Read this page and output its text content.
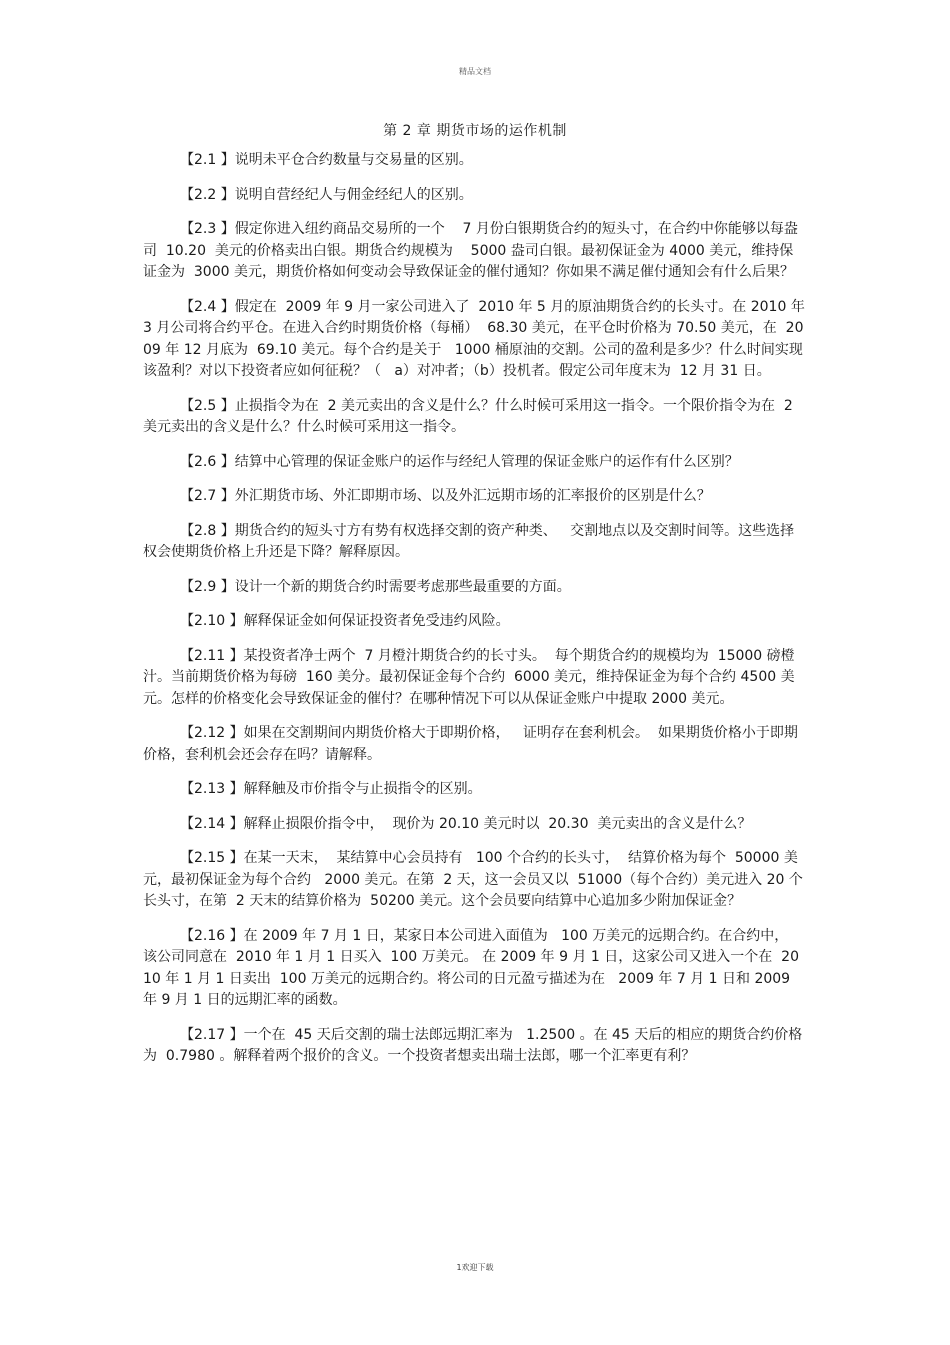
精品文档
第 2 章 期货市场的运作机制

【2.1 】说明未平仓合约数量与交易量的区别。

【2.2 】说明自营经纪人与佣金经纪人的区别。

【2.3 】假定你进入纽约商品交易所的一个    7 月份白银期货合约的短头寸，在合约中你能够以每盎司  10.20  美元的价格卖出白银。期货合约规模为    5000 盎司白银。最初保证金为 4000 美元，维持保证金为  3000 美元，期货价格如何变动会导致保证金的催付通知？你如果不满足催付通知会有什么后果？

【2.4 】假定在  2009 年 9 月一家公司进入了  2010 年 5 月的原油期货合约的长头寸。在 2010 年 3 月公司将合约平仓。在进入合约时期货价格（每桶）  68.30 美元，在平仓时价格为 70.50 美元，在  2009 年 12 月底为  69.10 美元。每个合约是关于   1000 桶原油的交割。公司的盈利是多少？什么时间实现该盈利？对以下投资者应如何征税？（   a）对冲者；（b）投机者。假定公司年度末为  12 月 31 日。

【2.5 】止损指令为在  2 美元卖出的含义是什么？什么时候可采用这一指令。一个限价指令为在  2 美元卖出的含义是什么？什么时候可采用这一指令。

【2.6 】结算中心管理的保证金账户的运作与经纪人管理的保证金账户的运作有什么区别？

【2.7 】外汇期货市场、外汇即期市场、以及外汇远期市场的汇率报价的区别是什么？

【2.8 】期货合约的短头寸方有势有权选择交割的资产种类、   交割地点以及交割时间等。这些选择权会使期货价格上升还是下降？解释原因。

【2.9 】设计一个新的期货合约时需要考虑那些最重要的方面。

【2.10 】解释保证金如何保证投资者免受违约风险。

【2.11 】某投资者净士两个  7 月橙汁期货合约的长寸头。  每个期货合约的规模均为  15000 磅橙汁。当前期货价格为每磅  160 美分。最初保证金每个合约  6000 美元，维持保证金为每个合约 4500 美元。怎样的价格变化会导致保证金的催付？在哪种情况下可以从保证金账户中提取 2000 美元。

【2.12 】如果在交割期间内期货价格大于即期价格，   证明存在套利机会。  如果期货价格小于即期价格，套利机会还会存在吗？请解释。

【2.13 】解释触及市价指令与止损指令的区别。

【2.14 】解释止损限价指令中，  现价为 20.10 美元时以  20.30  美元卖出的含义是什么？

【2.15 】在某一天末，  某结算中心会员持有   100 个合约的长头寸，  结算价格为每个  50000 美元，最初保证金为每个合约   2000 美元。在第  2 天，这一会员又以  51000（每个合约）美元进入 20 个长头寸，在第  2 天末的结算价格为  50200 美元。这个会员要向结算中心追加多少附加保证金？

【2.16 】在 2009 年 7 月 1 日，某家日本公司进入面值为   100 万美元的远期合约。在合约中，  该公司同意在  2010 年 1 月 1 日买入  100 万美元。 在 2009 年 9 月 1 日，这家公司又进入一个在  2010 年 1 月 1 日卖出  100 万美元的远期合约。将公司的日元盈亏描述为在   2009 年 7 月 1 日和 2009 年 9 月 1 日的远期汇率的函数。

【2.17 】一个在  45 天后交割的瑞士法郎远期汇率为   1.2500 。在 45 天后的相应的期货合约价格为  0.7980 。解释着两个报价的含义。一个投资者想卖出瑞士法郎，哪一个汇率更有利？

1欢迎下载
